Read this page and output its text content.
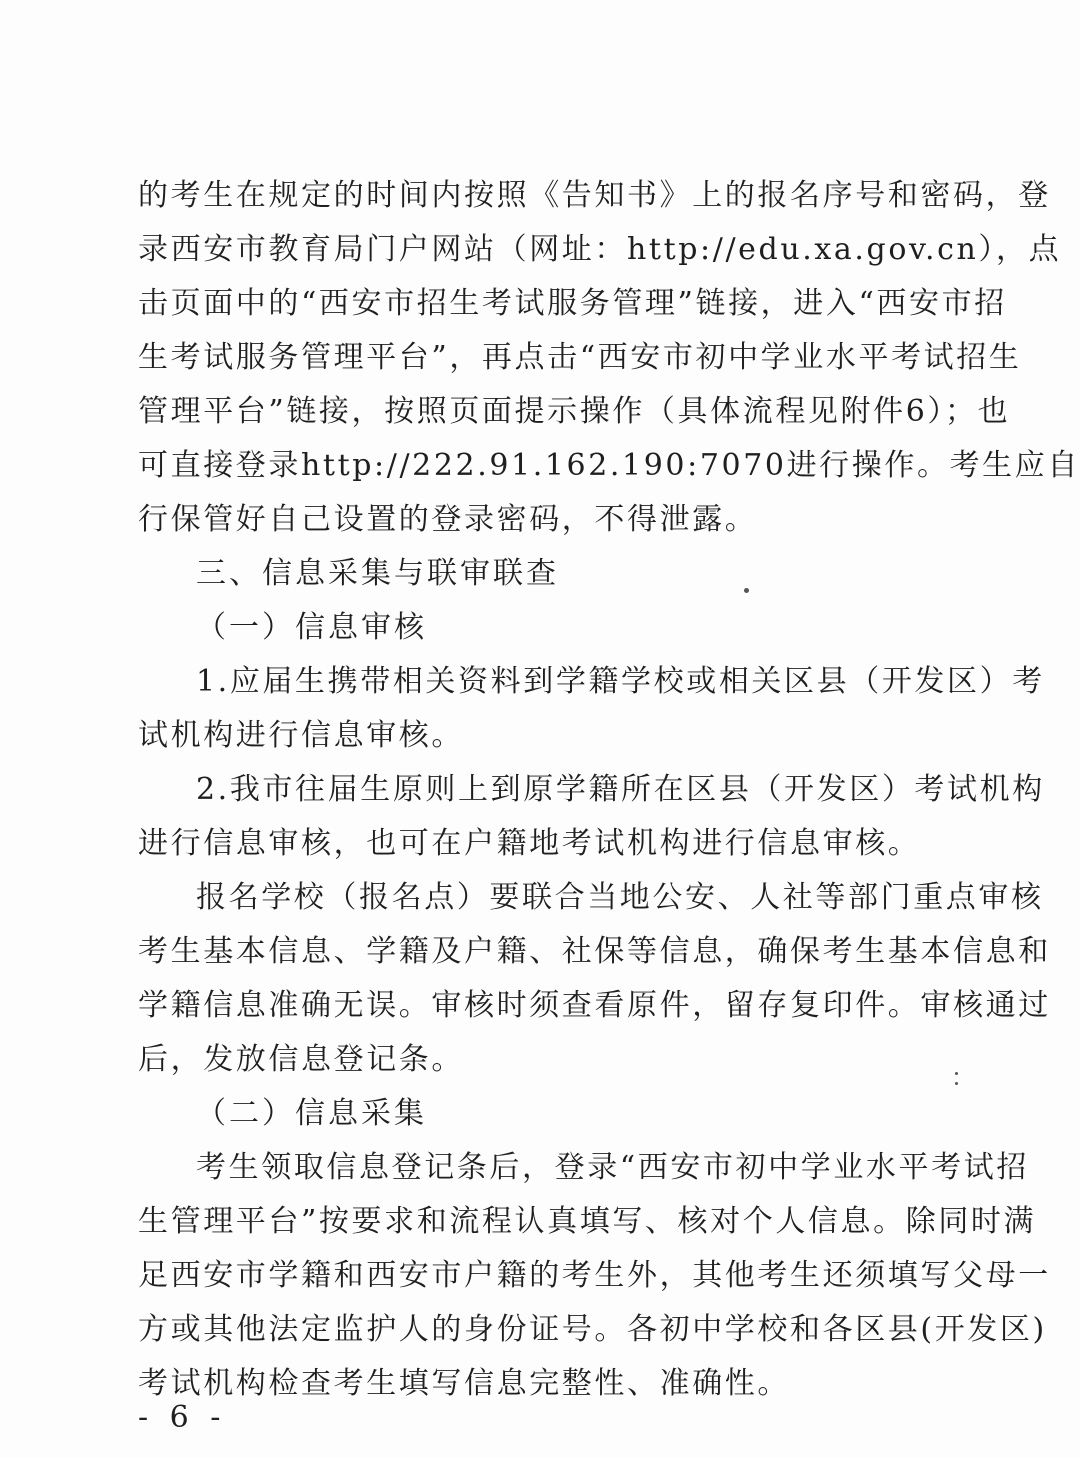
的考生在规定的时间内按照《告知书》上的报名序号和密码，登
录西安市教育局门户网站（网址：http://edu.xa.gov.cn），点
击页面中的“西安市招生考试服务管理”链接，进入“西安市招
生考试服务管理平台”，再点击“西安市初中学业水平考试招生
管理平台”链接，按照页面提示操作（具体流程见附件6）；也
可直接登录http://222.91.162.190:7070进行操作。考生应自
行保管好自己设置的登录密码，不得泄露。
三、信息采集与联审联查
（一）信息审核
1.应届生携带相关资料到学籍学校或相关区县（开发区）考
试机构进行信息审核。
2.我市往届生原则上到原学籍所在区县（开发区）考试机构
进行信息审核，也可在户籍地考试机构进行信息审核。
报名学校（报名点）要联合当地公安、人社等部门重点审核
考生基本信息、学籍及户籍、社保等信息，确保考生基本信息和
学籍信息准确无误。审核时须查看原件，留存复印件。审核通过
后，发放信息登记条。
（二）信息采集
考生领取信息登记条后，登录“西安市初中学业水平考试招
生管理平台”按要求和流程认真填写、核对个人信息。除同时满
足西安市学籍和西安市户籍的考生外，其他考生还须填写父母一
方或其他法定监护人的身份证号。各初中学校和各区县(开发区)
考试机构检查考生填写信息完整性、准确性。
- 6 -
